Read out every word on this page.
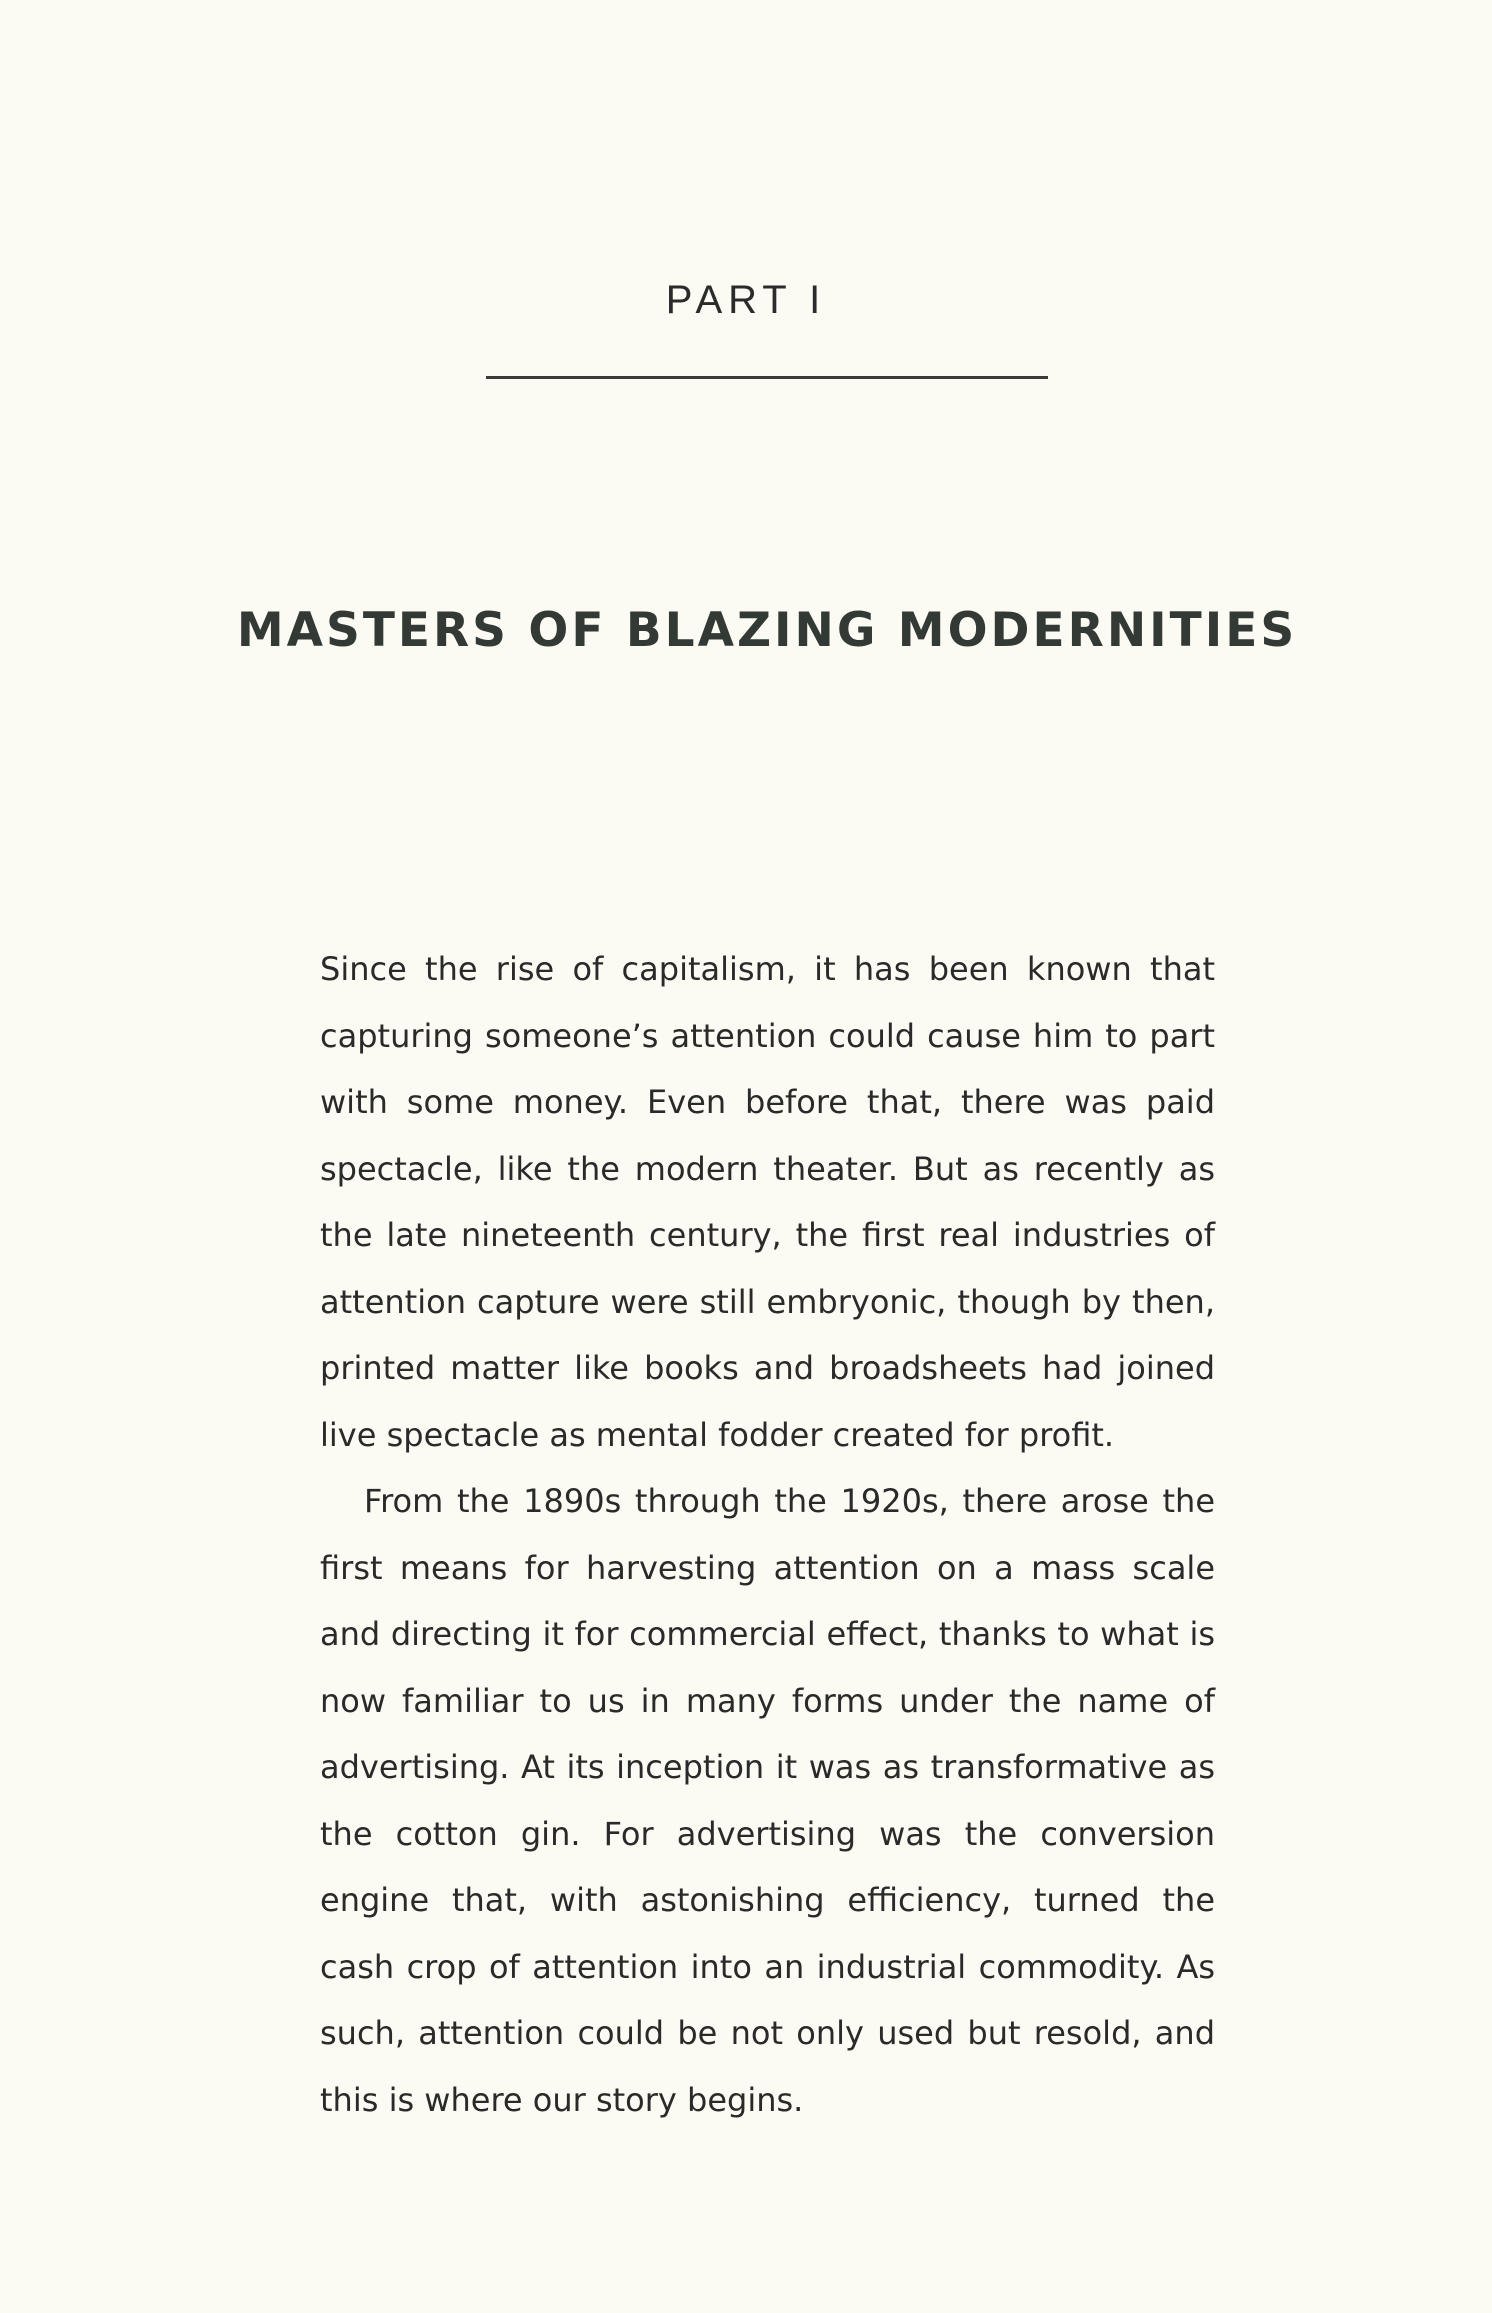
PART I
MASTERS OF BLAZING MODERNITIES

Since the rise of capitalism, it has been known that capturing someone’s attention could cause him to part with some money. Even before that, there was paid spectacle, like the modern theater. But as recently as the late nineteenth century, the first real industries of attention capture were still embryonic, though by then, printed matter like books and broadsheets had joined live spectacle as mental fodder created for profit.

From the 1890s through the 1920s, there arose the first means for harvesting attention on a mass scale and directing it for commercial effect, thanks to what is now familiar to us in many forms under the name of advertising. At its inception it was as transformative as the cotton gin. For advertising was the conversion engine that, with astonishing efficiency, turned the cash crop of attention into an industrial commodity. As such, attention could be not only used but resold, and this is where our story begins.
